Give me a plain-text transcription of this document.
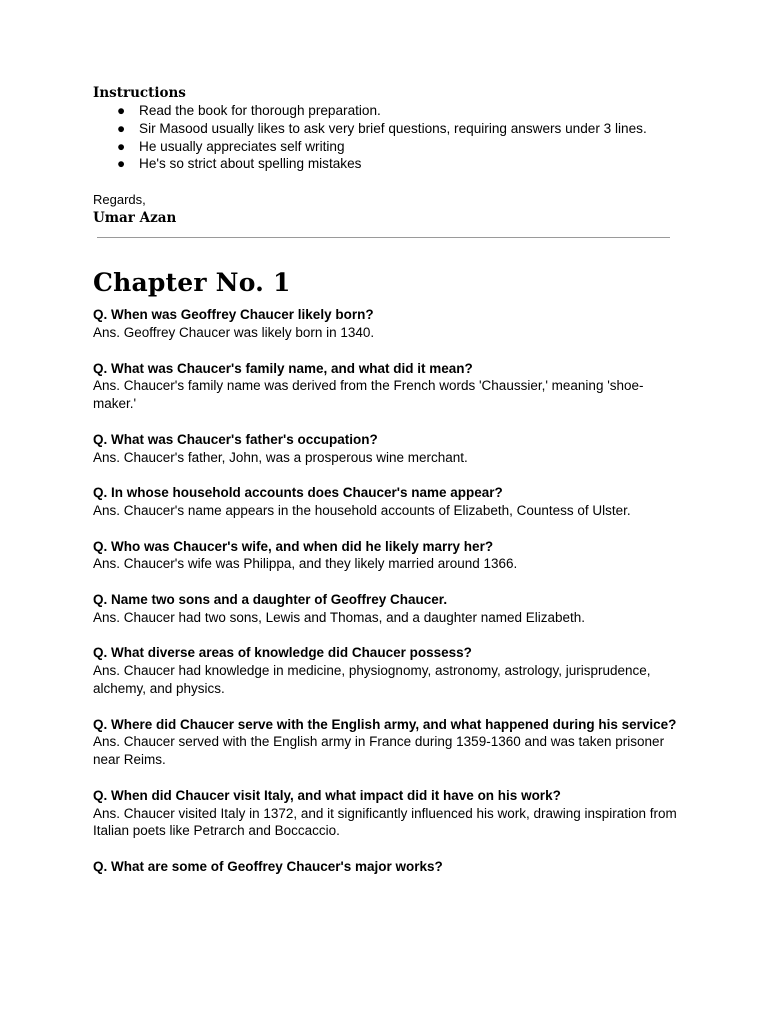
Instructions
● Read the book for thorough preparation.
● Sir Masood usually likes to ask very brief questions, requiring answers under 3 lines.
● He usually appreciates self writing
● He's so strict about spelling mistakes
Regards,
Umar Azan
Chapter No. 1
Q. When was Geoffrey Chaucer likely born?
Ans. Geoffrey Chaucer was likely born in 1340.
Q. What was Chaucer's family name, and what did it mean?
Ans. Chaucer's family name was derived from the French words 'Chaussier,' meaning 'shoe-maker.'
Q. What was Chaucer's father's occupation?
Ans. Chaucer's father, John, was a prosperous wine merchant.
Q. In whose household accounts does Chaucer's name appear?
Ans. Chaucer's name appears in the household accounts of Elizabeth, Countess of Ulster.
Q. Who was Chaucer's wife, and when did he likely marry her?
Ans. Chaucer's wife was Philippa, and they likely married around 1366.
Q. Name two sons and a daughter of Geoffrey Chaucer.
Ans. Chaucer had two sons, Lewis and Thomas, and a daughter named Elizabeth.
Q. What diverse areas of knowledge did Chaucer possess?
Ans. Chaucer had knowledge in medicine, physiognomy, astronomy, astrology, jurisprudence, alchemy, and physics.
Q. Where did Chaucer serve with the English army, and what happened during his service?
Ans. Chaucer served with the English army in France during 1359-1360 and was taken prisoner near Reims.
Q. When did Chaucer visit Italy, and what impact did it have on his work?
Ans. Chaucer visited Italy in 1372, and it significantly influenced his work, drawing inspiration from Italian poets like Petrarch and Boccaccio.
Q. What are some of Geoffrey Chaucer's major works?
